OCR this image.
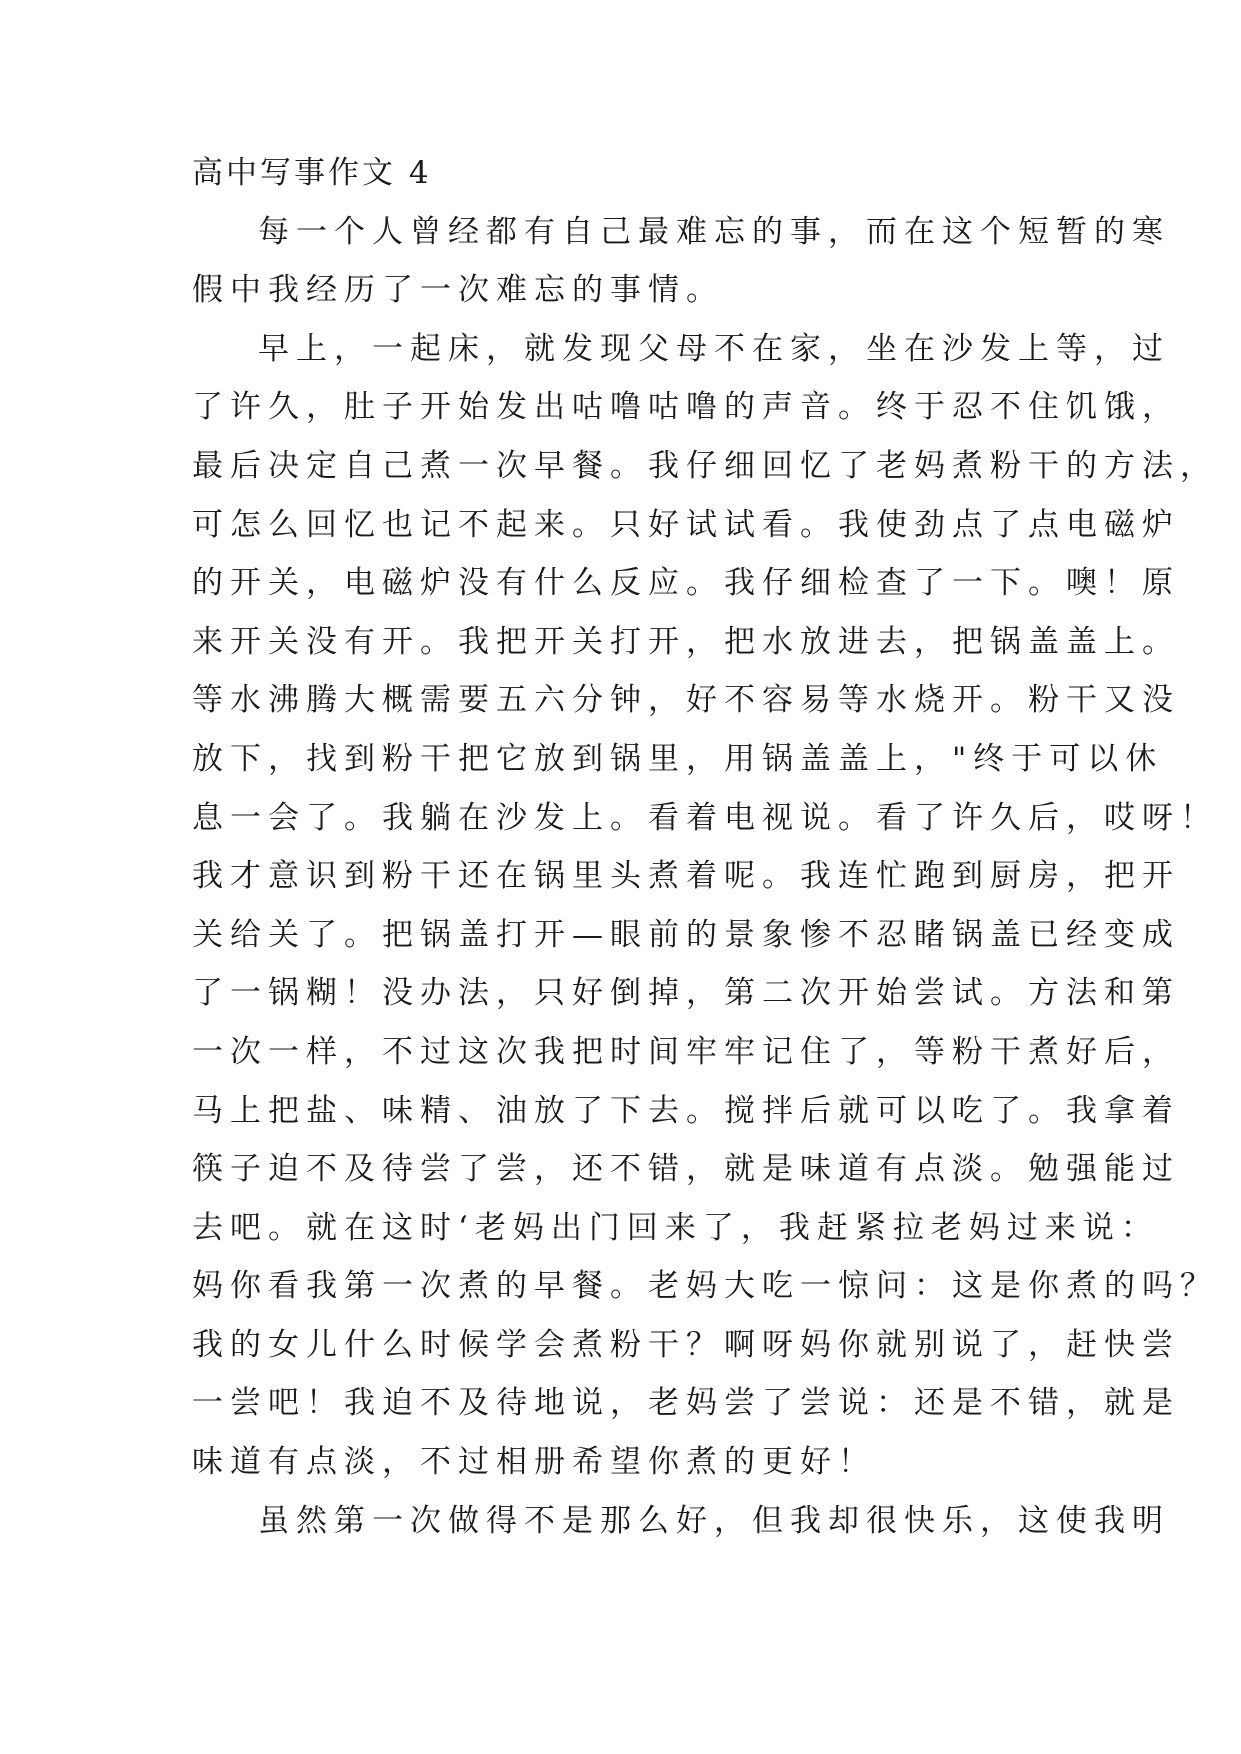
高中写事作文 4
每一个人曾经都有自己最难忘的事，而在这个短暂的寒
假中我经历了一次难忘的事情。
早上，一起床，就发现父母不在家，坐在沙发上等，过
了许久，肚子开始发出咕噜咕噜的声音。终于忍不住饥饿，
最后决定自己煮一次早餐。我仔细回忆了老妈煮粉干的方法，
可怎么回忆也记不起来。只好试试看。我使劲点了点电磁炉
的开关，电磁炉没有什么反应。我仔细检查了一下。噢！原
来开关没有开。我把开关打开，把水放进去，把锅盖盖上。
等水沸腾大概需要五六分钟，好不容易等水烧开。粉干又没
放下，找到粉干把它放到锅里，用锅盖盖上，"终于可以休
息一会了。我躺在沙发上。看着电视说。看了许久后，哎呀！
我才意识到粉干还在锅里头煮着呢。我连忙跑到厨房，把开
关给关了。把锅盖打开—眼前的景象惨不忍睹锅盖已经变成
了一锅糊！没办法，只好倒掉，第二次开始尝试。方法和第
一次一样，不过这次我把时间牢牢记住了，等粉干煮好后，
马上把盐、味精、油放了下去。搅拌后就可以吃了。我拿着
筷子迫不及待尝了尝，还不错，就是味道有点淡。勉强能过
去吧。就在这时‘老妈出门回来了，我赶紧拉老妈过来说：
妈你看我第一次煮的早餐。老妈大吃一惊问：这是你煮的吗？
我的女儿什么时候学会煮粉干？啊呀妈你就别说了，赶快尝
一尝吧！我迫不及待地说，老妈尝了尝说：还是不错，就是
味道有点淡，不过相册希望你煮的更好！
虽然第一次做得不是那么好，但我却很快乐，这使我明
